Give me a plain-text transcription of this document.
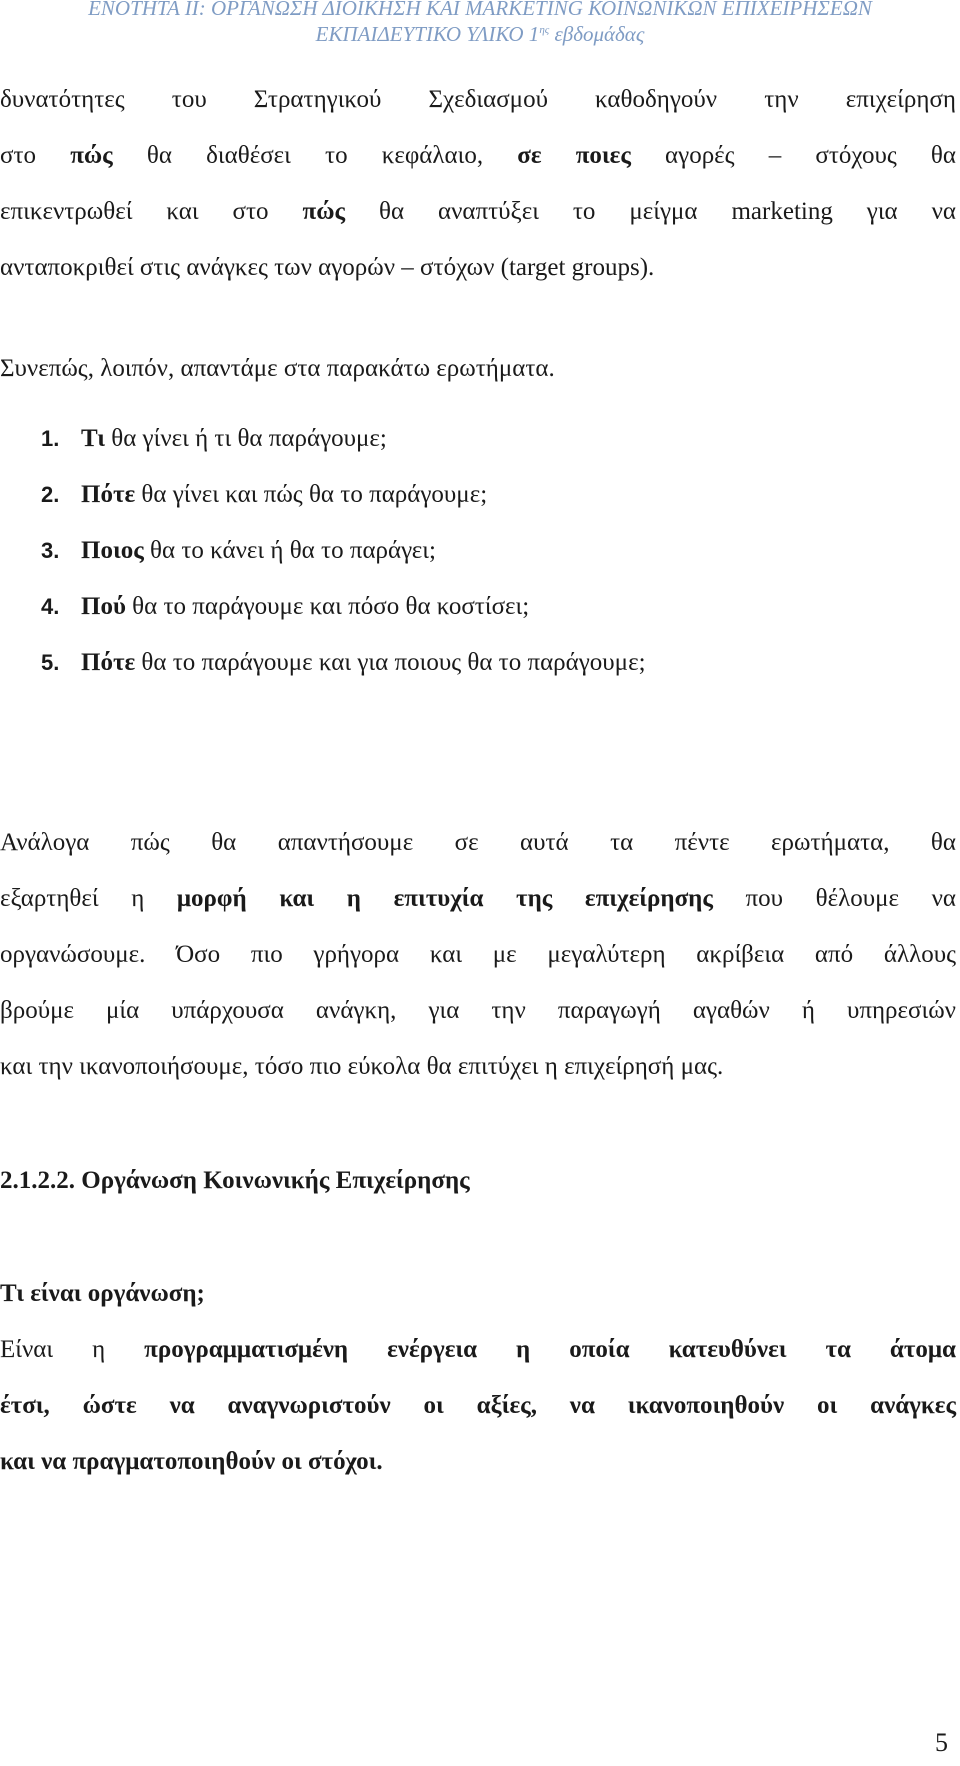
ΕΝΟΤΗΤΑ ΙΙ: ΟΡΓΑΝΩΣΗ ΔΙΟΙΚΗΣΗ ΚΑΙ MARKETING ΚΟΙΝΩΝΙΚΩΝ ΕΠΙΧΕΙΡΗΣΕΩΝ
ΕΚΠΑΙΔΕΥΤΙΚΟ ΥΛΙΚΟ $1^{\eta\varsigma}$ εβδομάδας
δυνατότητες του Στρατηγικού Σχεδιασμού καθοδηγούν την επιχείρηση
στο πώς θα διαθέσει το κεφάλαιο, σε ποιες αγορές – στόχους θα
επικεντρωθεί και στο πώς θα αναπτύξει το μείγμα marketing για να
ανταποκριθεί στις ανάγκες των αγορών – στόχων (target groups).
Συνεπώς, λοιπόν, απαντάμε στα παρακάτω ερωτήματα.
1. Τι θα γίνει ή τι θα παράγουμε;
2. Πότε θα γίνει και πώς θα το παράγουμε;
3. Ποιος θα το κάνει ή θα το παράγει;
4. Πού θα το παράγουμε και πόσο θα κοστίσει;
5. Πότε θα το παράγουμε και για ποιους θα το παράγουμε;
Ανάλογα πώς θα απαντήσουμε σε αυτά τα πέντε ερωτήματα, θα
εξαρτηθεί η μορφή και η επιτυχία της επιχείρησης που θέλουμε να
οργανώσουμε. Όσο πιο γρήγορα και με μεγαλύτερη ακρίβεια από άλλους
βρούμε μία υπάρχουσα ανάγκη, για την παραγωγή αγαθών ή υπηρεσιών
και την ικανοποιήσουμε, τόσο πιο εύκολα θα επιτύχει η επιχείρησή μας.
2.1.2.2. Οργάνωση Κοινωνικής Επιχείρησης
Τι είναι οργάνωση;
Είναι η προγραμματισμένη ενέργεια η οποία κατευθύνει τα άτομα
έτσι, ώστε να αναγνωριστούν οι αξίες, να ικανοποιηθούν οι ανάγκες
και να πραγματοποιηθούν οι στόχοι.
5
